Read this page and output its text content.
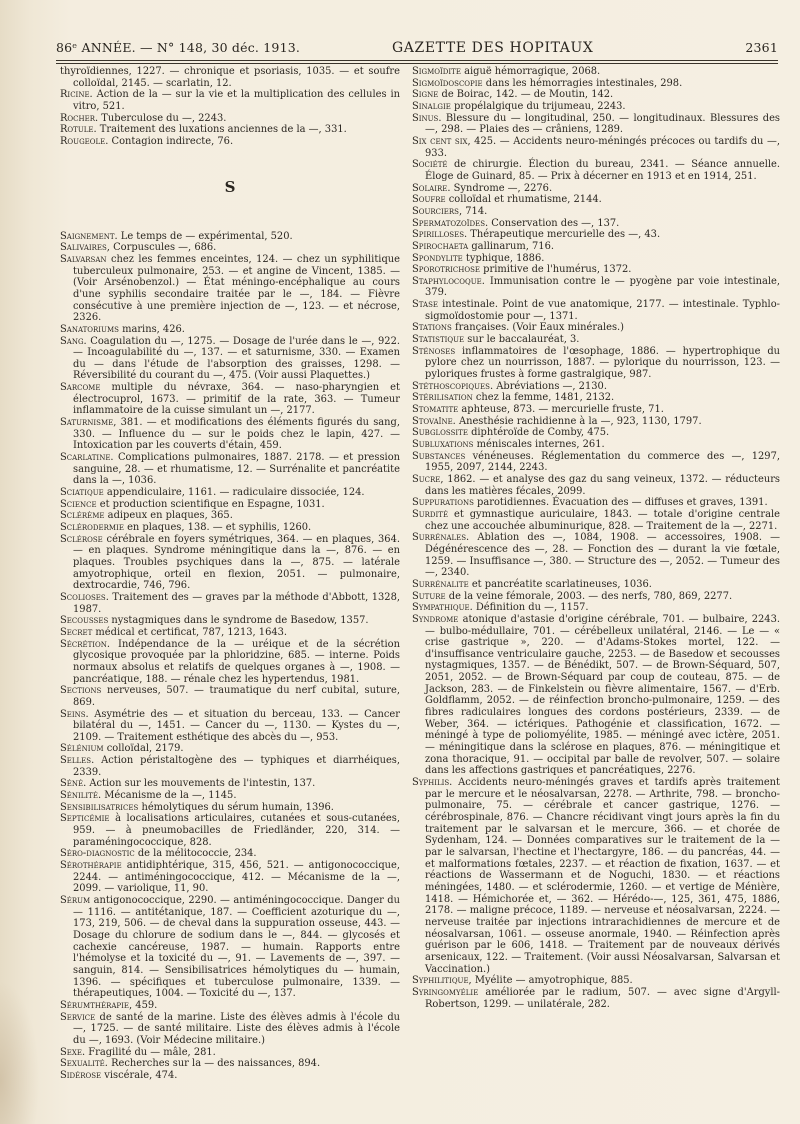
86ᵉ ANNÉE. — N° 148, 30 déc. 1913.	GAZETTE DES HOPITAUX	2361

thyroïdiennes, 1227. — chronique et psoriasis, 1035. — et soufre colloïdal, 2145. — scarlatin, 12.

Ricine. Action de la — sur la vie et la multiplication des cellules in vitro, 521.

Rocher. Tuberculose du —, 2243.

Rotule. Traitement des luxations anciennes de la —, 331.

Rougeole. Contagion indirecte, 76.

S

Saignement. Le temps de — expérimental, 520.

Salivaires, Corpuscules —, 686.

Salvarsan chez les femmes enceintes, 124. — chez un syphilitique tuberculeux pulmonaire, 253. — et angine de Vincent, 1385. — (Voir Arsénobenzol.) — État méningo-encéphalique au cours d'une syphilis secondaire traitée par le —, 184. — Fièvre consécutive à une première injection de —, 123. — et nécrose, 2326.

Sanatoriums marins, 426.

Sang. Coagulation du —, 1275. — Dosage de l'urée dans le —, 922. — Incoagulabilité du —, 137. — et saturnisme, 330. — Examen du — dans l'étude de l'absorption des graisses, 1298. — Réversibilité du courant du —, 475. (Voir aussi Plaquettes.)

Sarcome multiple du névraxe, 364. — naso-pharyngien et électrocuprol, 1673. — primitif de la rate, 363. — Tumeur inflammatoire de la cuisse simulant un —, 2177.

Saturnisme, 381. — et modifications des éléments figurés du sang, 330. — Influence du — sur le poids chez le lapin, 427. — Intoxication par les couverts d'étain, 459.

Scarlatine. Complications pulmonaires, 1887. 2178. — et pression sanguine, 28. — et rhumatisme, 12. — Surrénalite et pancréatite dans la —, 1036.

Sciatique appendiculaire, 1161. — radiculaire dissociée, 124.

Science et production scientifique en Espagne, 1031.

Sclérème adipeux en plaques, 365.

Sclérodermie en plaques, 138. — et syphilis, 1260.

Sclérose cérébrale en foyers symétriques, 364. — en plaques, 364. — en plaques. Syndrome méningitique dans la —, 876. — en plaques. Troubles psychiques dans la —, 875. — latérale amyotrophique, orteil en flexion, 2051. — pulmonaire, dextrocardie, 746, 796.

Scolioses. Traitement des — graves par la méthode d'Abbott, 1328, 1987.

Secousses nystagmiques dans le syndrome de Basedow, 1357.

Secret médical et certificat, 787, 1213, 1643.

Sécrétion. Indépendance de la — uréique et de la sécrétion glycosique provoquée par la phloridzine, 685. — interne. Poids normaux absolus et relatifs de quelques organes à —, 1908. — pancréatique, 188. — rénale chez les hypertendus, 1981.

Sections nerveuses, 507. — traumatique du nerf cubital, suture, 869.

Seins. Asymétrie des — et situation du berceau, 133. — Cancer bilatéral du —, 1451. — Cancer du —, 1130. — Kystes du —, 2109. — Traitement esthétique des abcès du —, 953.

Sélénium colloïdal, 2179.

Selles. Action péristaltogène des — typhiques et diarrhéiques, 2339.

Séné. Action sur les mouvements de l'intestin, 137.

Sénilité. Mécanisme de la —, 1145.

Sensibilisatrices hémolytiques du sérum humain, 1396.

Septicémie à localisations articulaires, cutanées et sous-cutanées, 959. — à pneumobacilles de Friedländer, 220, 314. — paraméningococcique, 828.

Séro-diagnostic de la mélitococcie, 234.

Sérothérapie antidiphtérique, 315, 456, 521. — antigonococcique, 2244. — antiméningococcique, 412. — Mécanisme de la —, 2099. — variolique, 11, 90.

Sérum antigonococcique, 2290. — antiméningococcique. Danger du — 1116. — antitétanique, 187. — Coefficient azoturique du —, 173, 219, 506. — de cheval dans la suppuration osseuse, 443. — Dosage du chlorure de sodium dans le —, 844. — glycosés et cachexie cancéreuse, 1987. — humain. Rapports entre l'hémolyse et la toxicité du —, 91. — Lavements de —, 397. — sanguin, 814. — Sensibilisatrices hémolytiques du — humain, 1396. — spécifiques et tuberculose pulmonaire, 1339. — thérapeutiques, 1004. — Toxicité du —, 137.

Sérumthérapie, 459.

Service de santé de la marine. Liste des élèves admis à l'école du —, 1725. — de santé militaire. Liste des élèves admis à l'école du —, 1693. (Voir Médecine militaire.)

Sexe. Fragilité du — mâle, 281.

Sexualité. Recherches sur la — des naissances, 894.

Sidérose viscérale, 474.

Sigmoïdite aiguë hémorragique, 2068.

Sigmoïdoscopie dans les hémorragies intestinales, 298.

Signe de Boirac, 142. — de Moutin, 142.

Sinalgie propélalgique du trijumeau, 2243.

Sinus. Blessure du — longitudinal, 250. — longitudinaux. Blessures des —, 298. — Plaies des — crâniens, 1289.

Six cent six, 425. — Accidents neuro-méningés précoces ou tardifs du —, 933.

Société de chirurgie. Élection du bureau, 2341. — Séance annuelle. Éloge de Guinard, 85. — Prix à décerner en 1913 et en 1914, 251.

Solaire. Syndrome —, 2276.

Soufre colloïdal et rhumatisme, 2144.

Sourciers, 714.

Spermatozoïdes. Conservation des —, 137.

Spirilloses. Thérapeutique mercurielle des —, 43.

Spirochaeta gallinarum, 716.

Spondylite typhique, 1886.

Sporotrichose primitive de l'humérus, 1372.

Staphylocoque. Immunisation contre le — pyogène par voie intestinale, 379.

Stase intestinale. Point de vue anatomique, 2177. — intestinale. Typhlo-sigmoïdostomie pour —, 1371.

Stations françaises. (Voir Eaux minérales.)

Statistique sur le baccalauréat, 3.

Sténoses inflammatoires de l'œsophage, 1886. — hypertrophique du pylore chez un nourrisson, 1887. — pylorique du nourrisson, 123. — pyloriques frustes à forme gastralgique, 987.

Stéthoscopiques. Abréviations —, 2130.

Stérilisation chez la femme, 1481, 2132.

Stomatite aphteuse, 873. — mercurielle fruste, 71.

Stovaïne. Anesthésie rachidienne à la —, 923, 1130, 1797.

Subglossite diphtéroïde de Comby, 475.

Subluxations méniscales internes, 261.

Substances vénéneuses. Réglementation du commerce des —, 1297, 1955, 2097, 2144, 2243.

Sucre, 1862. — et analyse des gaz du sang veineux, 1372. — réducteurs dans les matières fécales, 2099.

Suppurations parotidiennes. Évacuation des — diffuses et graves, 1391.

Surdité et gymnastique auriculaire, 1843. — totale d'origine centrale chez une accouchée albuminurique, 828. — Traitement de la —, 2271.

Surrénales. Ablation des —, 1084, 1908. — accessoires, 1908. — Dégénérescence des —, 28. — Fonction des — durant la vie fœtale, 1259. — Insuffisance —, 380. — Structure des —, 2052. — Tumeur des —, 2340.

Surrénalite et pancréatite scarlatineuses, 1036.

Suture de la veine fémorale, 2003. — des nerfs, 780, 869, 2277.

Sympathique. Définition du —, 1157.

Syndrome atonique d'astasie d'origine cérébrale, 701. — bulbaire, 2243. — bulbo-médullaire, 701. — cérébelleux unilatéral, 2146. — Le — « crise gastrique », 220. — d'Adams-Stokes mortel, 122. — d'insuffisance ventriculaire gauche, 2253. — de Basedow et secousses nystagmiques, 1357. — de Bénédikt, 507. — de Brown-Séquard, 507, 2051, 2052. — de Brown-Séquard par coup de couteau, 875. — de Jackson, 283. — de Finkelstein ou fièvre alimentaire, 1567. — d'Erb. Goldflamm, 2052. — de réinfection broncho-pulmonaire, 1259. — des fibres radiculaires longues des cordons postérieurs, 2339. — de Weber, 364. — ictériques. Pathogénie et classification, 1672. — méningé à type de poliomyélite, 1985. — méningé avec ictère, 2051. — méningitique dans la sclérose en plaques, 876. — méningitique et zona thoracique, 91. — occipital par balle de revolver, 507. — solaire dans les affections gastriques et pancréatiques, 2276.

Syphilis. Accidents neuro-méningés graves et tardifs après traitement par le mercure et le néosalvarsan, 2278. — Arthrite, 798. — broncho-pulmonaire, 75. — cérébrale et cancer gastrique, 1276. — cérébrospinale, 876. — Chancre récidivant vingt jours après la fin du traitement par le salvarsan et le mercure, 366. — et chorée de Sydenham, 124. — Données comparatives sur le traitement de la — par le salvarsan, l'hectine et l'hectargyre, 186. — du pancréas, 44. — et malformations fœtales, 2237. — et réaction de fixation, 1637. — et réactions de Wassermann et de Noguchi, 1830. — et réactions méningées, 1480. — et sclérodermie, 1260. — et vertige de Ménière, 1418. — Hémichorée et, — 362. — Hérédo-—, 125, 361, 475, 1886, 2178. — maligne précoce, 1189. — nerveuse et néosalvarsan, 2224. — nerveuse traitée par injections intrarachidiennes de mercure et de néosalvarsan, 1061. — osseuse anormale, 1940. — Réinfection après guérison par le 606, 1418. — Traitement par de nouveaux dérivés arsenicaux, 122. — Traitement. (Voir aussi Néosalvarsan, Salvarsan et Vaccination.)

Syphilitique, Myélite — amyotrophique, 885.

Syringomyélie améliorée par le radium, 507. — avec signe d'Argyll-Robertson, 1299. — unilatérale, 282.
